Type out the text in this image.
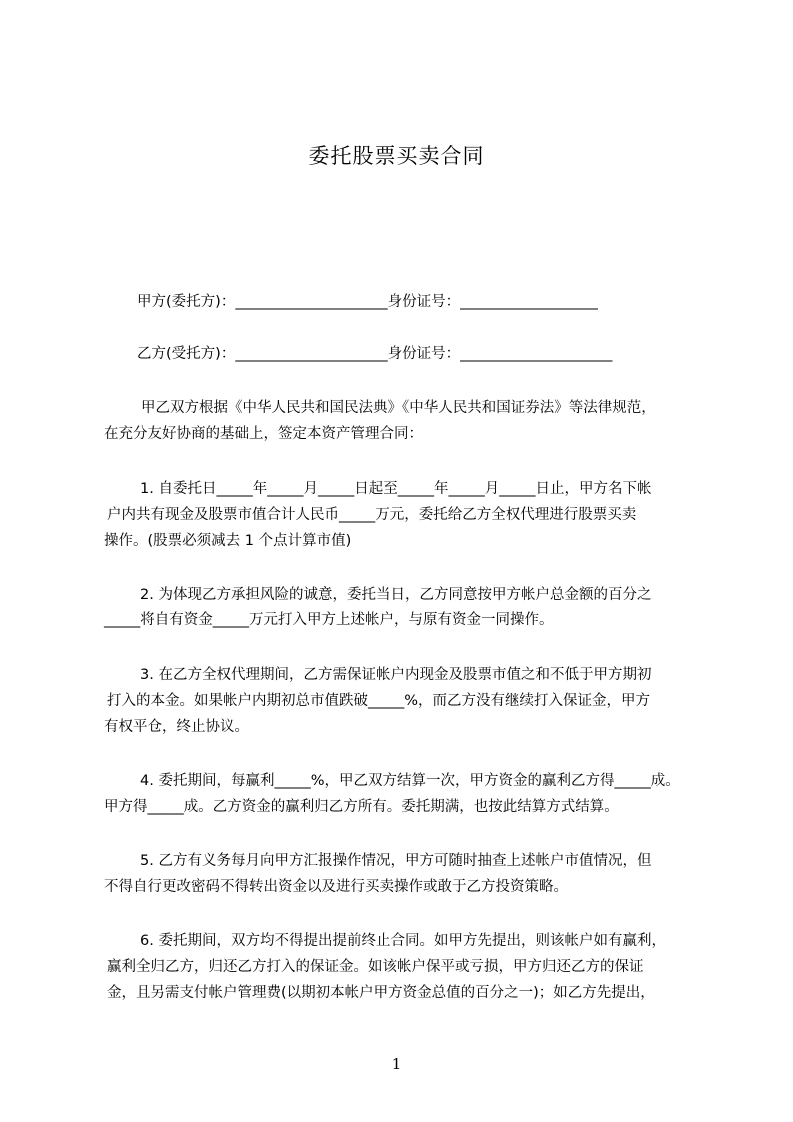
委托股票买卖合同
甲方(委托方)：_____________________身份证号：___________________
乙方(受托方)：_____________________身份证号：_____________________
甲乙双方根据《中华人民共和国民法典》《中华人民共和国证券法》等法律规范，
在充分友好协商的基础上，签定本资产管理合同：
1. 自委托日_____年_____月_____日起至_____年_____月_____日止，甲方名下帐
户内共有现金及股票市值合计人民币_____万元，委托给乙方全权代理进行股票买卖
操作。(股票必须减去 1 个点计算市值)
2. 为体现乙方承担风险的诚意，委托当日，乙方同意按甲方帐户总金额的百分之
_____将自有资金_____万元打入甲方上述帐户，与原有资金一同操作。
3. 在乙方全权代理期间，乙方需保证帐户内现金及股票市值之和不低于甲方期初
打入的本金。如果帐户内期初总市值跌破_____%，而乙方没有继续打入保证金，甲方
有权平仓，终止协议。
4. 委托期间，每赢利_____%，甲乙双方结算一次，甲方资金的赢利乙方得_____成。
甲方得_____成。乙方资金的赢利归乙方所有。委托期满，也按此结算方式结算。
5. 乙方有义务每月向甲方汇报操作情况，甲方可随时抽查上述帐户市值情况，但
不得自行更改密码不得转出资金以及进行买卖操作或敢于乙方投资策略。
6. 委托期间，双方均不得提出提前终止合同。如甲方先提出，则该帐户如有赢利，
赢利全归乙方，归还乙方打入的保证金。如该帐户保平或亏损，甲方归还乙方的保证
金，且另需支付帐户管理费(以期初本帐户甲方资金总值的百分之一)；如乙方先提出，
1
